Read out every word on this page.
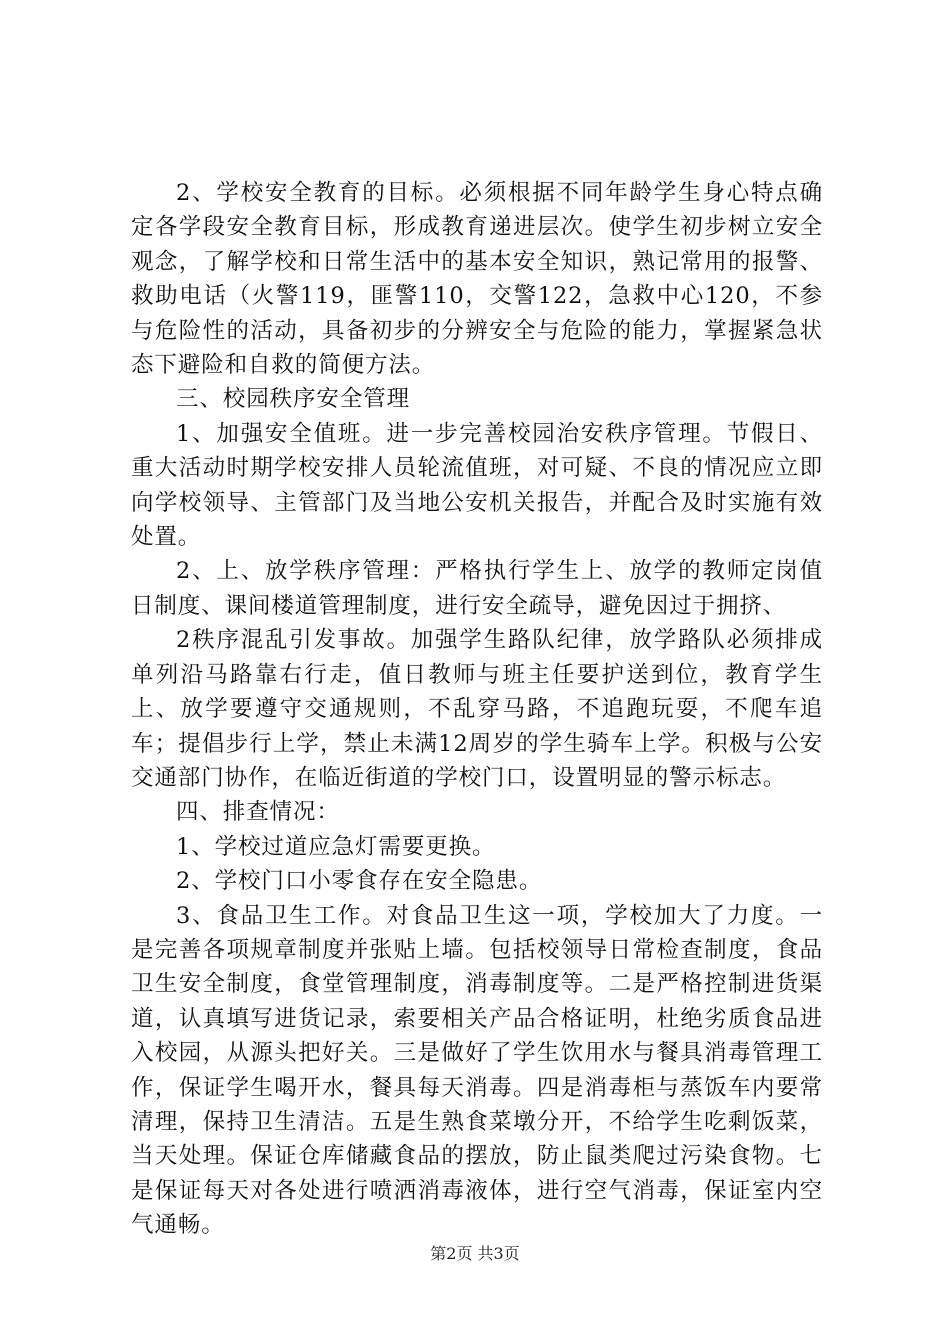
2、学校安全教育的目标。必须根据不同年龄学生身心特点确定各学段安全教育目标，形成教育递进层次。使学生初步树立安全观念，了解学校和日常生活中的基本安全知识，熟记常用的报警、救助电话（火警119，匪警110，交警122，急救中心120，不参与危险性的活动，具备初步的分辨安全与危险的能力，掌握紧急状态下避险和自救的简便方法。

三、校园秩序安全管理

1、加强安全值班。进一步完善校园治安秩序管理。节假日、重大活动时期学校安排人员轮流值班，对可疑、不良的情况应立即向学校领导、主管部门及当地公安机关报告，并配合及时实施有效处置。

2、上、放学秩序管理：严格执行学生上、放学的教师定岗值日制度、课间楼道管理制度，进行安全疏导，避免因过于拥挤、

2秩序混乱引发事故。加强学生路队纪律，放学路队必须排成单列沿马路靠右行走，值日教师与班主任要护送到位，教育学生上、放学要遵守交通规则，不乱穿马路，不追跑玩耍，不爬车追车；提倡步行上学，禁止未满12周岁的学生骑车上学。积极与公安交通部门协作，在临近街道的学校门口，设置明显的警示标志。

四、排查情况：

1、学校过道应急灯需要更换。

2、学校门口小零食存在安全隐患。

3、食品卫生工作。对食品卫生这一项，学校加大了力度。一是完善各项规章制度并张贴上墙。包括校领导日常检查制度，食品卫生安全制度，食堂管理制度，消毒制度等。二是严格控制进货渠道，认真填写进货记录，索要相关产品合格证明，杜绝劣质食品进入校园，从源头把好关。三是做好了学生饮用水与餐具消毒管理工作，保证学生喝开水，餐具每天消毒。四是消毒柜与蒸饭车内要常清理，保持卫生清洁。五是生熟食菜墩分开，不给学生吃剩饭菜，当天处理。保证仓库储藏食品的摆放，防止鼠类爬过污染食物。七是保证每天对各处进行喷洒消毒液体，进行空气消毒，保证室内空气通畅。

第2页 共3页
